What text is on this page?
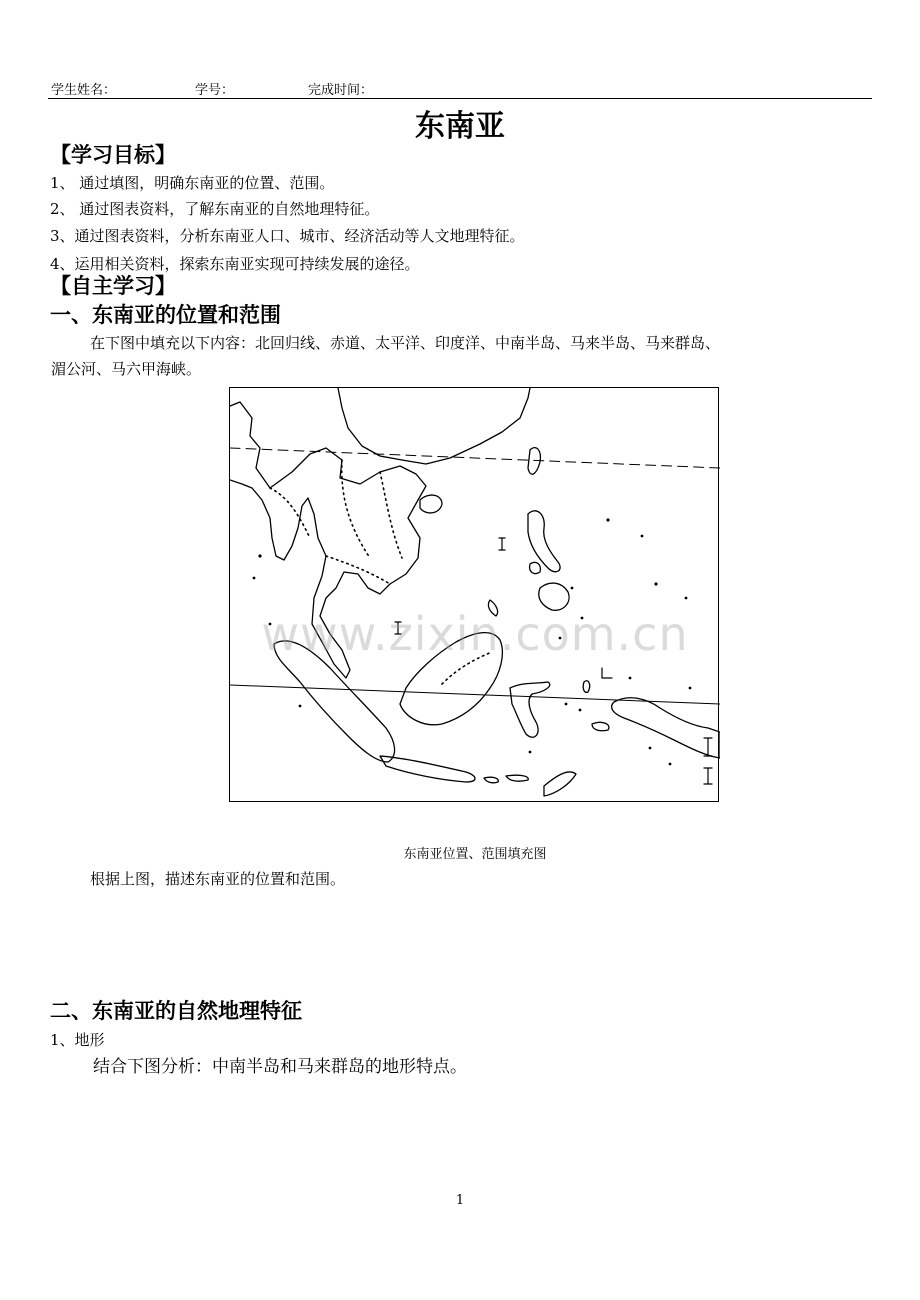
学生姓名：	学号：	完成时间：
东南亚
【学习目标】
1、 通过填图，明确东南亚的位置、范围。
2、 通过图表资料，了解东南亚的自然地理特征。
3、通过图表资料，分析东南亚人口、城市、经济活动等人文地理特征。
4、运用相关资料，探索东南亚实现可持续发展的途径。
【自主学习】
一、东南亚的位置和范围
在下图中填充以下内容：北回归线、赤道、太平洋、印度洋、中南半岛、马来半岛、马来群岛、
湄公河、马六甲海峡。
www.zixin.com.cn
东南亚位置、范围填充图
根据上图，描述东南亚的位置和范围。
二、东南亚的自然地理特征
1、地形
结合下图分析：中南半岛和马来群岛的地形特点。
1
